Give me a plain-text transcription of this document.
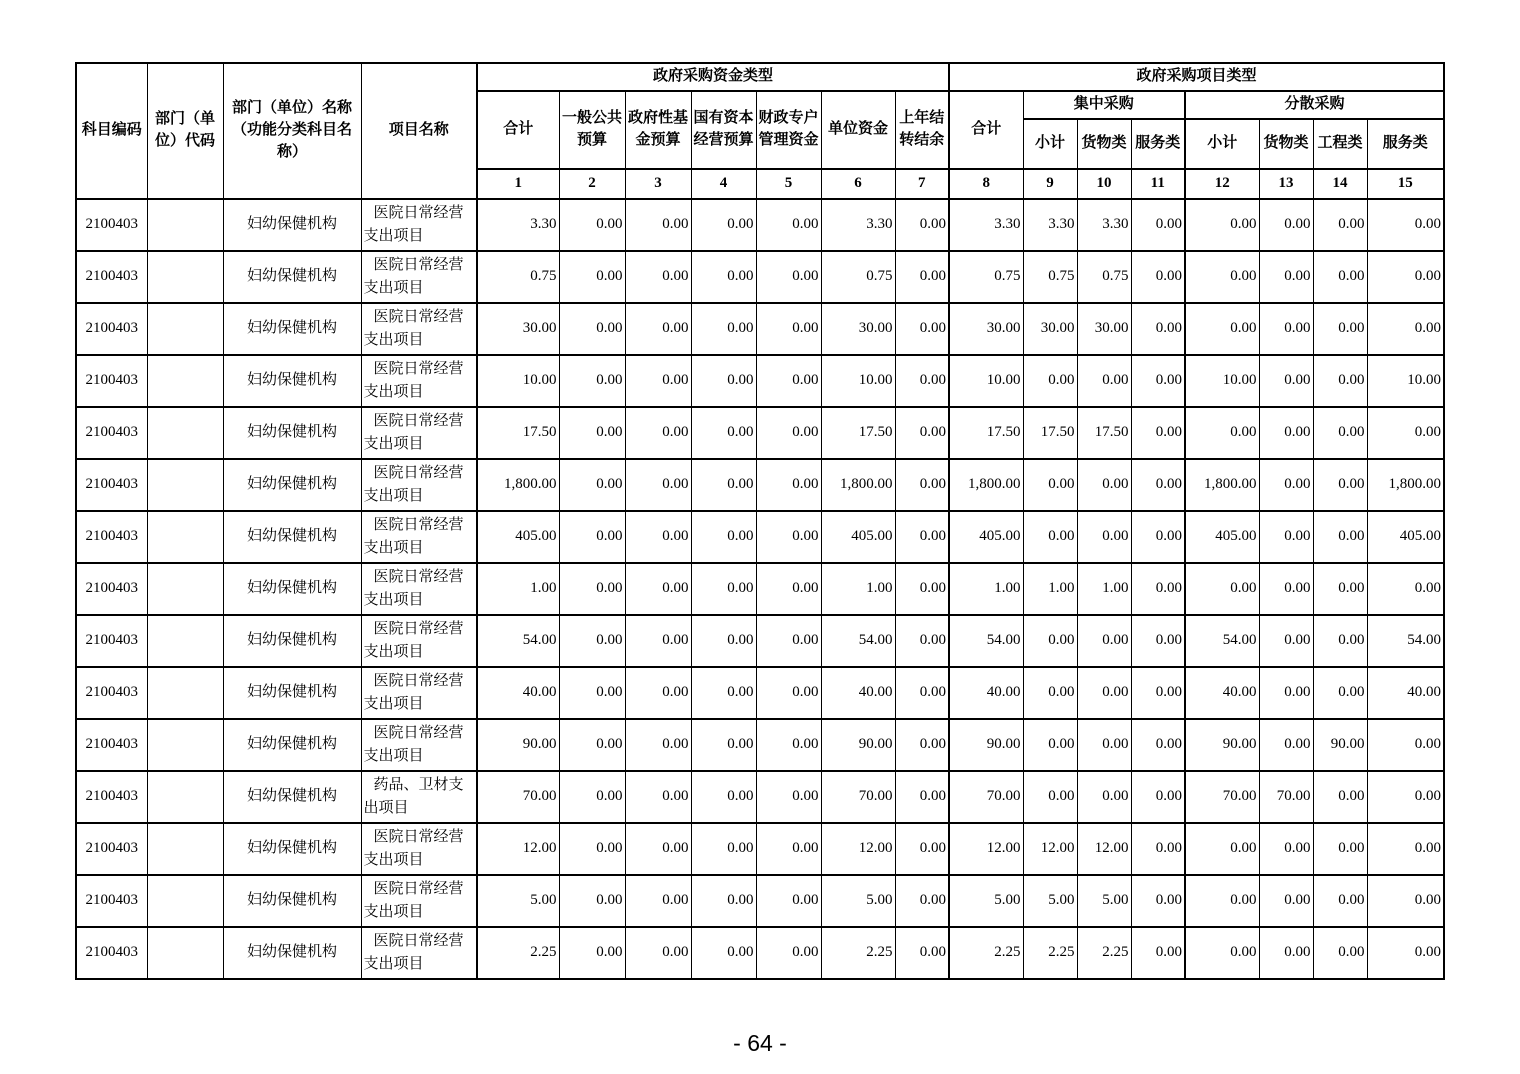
科目编码	部门（单位）代码	部门（单位）名称（功能分类科目名称）	项目名称	政府采购资金类型							政府采购项目类型							
				合计	一般公共预算	政府性基金预算	国有资本经营预算	财政专户管理资金	单位资金	上年结转结余	合计	集中采购			分散采购			
												小计	货物类	服务类	小计	货物类	工程类	服务类
				1	2	3	4	5	6	7	8	9	10	11	12	13	14	15
2100403		妇幼保健机构	医院日常经营支出项目	3.30	0.00	0.00	0.00	0.00	3.30	0.00	3.30	3.30	3.30	0.00	0.00	0.00	0.00	0.00
2100403		妇幼保健机构	医院日常经营支出项目	0.75	0.00	0.00	0.00	0.00	0.75	0.00	0.75	0.75	0.75	0.00	0.00	0.00	0.00	0.00
2100403		妇幼保健机构	医院日常经营支出项目	30.00	0.00	0.00	0.00	0.00	30.00	0.00	30.00	30.00	30.00	0.00	0.00	0.00	0.00	0.00
2100403		妇幼保健机构	医院日常经营支出项目	10.00	0.00	0.00	0.00	0.00	10.00	0.00	10.00	0.00	0.00	0.00	10.00	0.00	0.00	10.00
2100403		妇幼保健机构	医院日常经营支出项目	17.50	0.00	0.00	0.00	0.00	17.50	0.00	17.50	17.50	17.50	0.00	0.00	0.00	0.00	0.00
2100403		妇幼保健机构	医院日常经营支出项目	1,800.00	0.00	0.00	0.00	0.00	1,800.00	0.00	1,800.00	0.00	0.00	0.00	1,800.00	0.00	0.00	1,800.00
2100403		妇幼保健机构	医院日常经营支出项目	405.00	0.00	0.00	0.00	0.00	405.00	0.00	405.00	0.00	0.00	0.00	405.00	0.00	0.00	405.00
2100403		妇幼保健机构	医院日常经营支出项目	1.00	0.00	0.00	0.00	0.00	1.00	0.00	1.00	1.00	1.00	0.00	0.00	0.00	0.00	0.00
2100403		妇幼保健机构	医院日常经营支出项目	54.00	0.00	0.00	0.00	0.00	54.00	0.00	54.00	0.00	0.00	0.00	54.00	0.00	0.00	54.00
2100403		妇幼保健机构	医院日常经营支出项目	40.00	0.00	0.00	0.00	0.00	40.00	0.00	40.00	0.00	0.00	0.00	40.00	0.00	0.00	40.00
2100403		妇幼保健机构	医院日常经营支出项目	90.00	0.00	0.00	0.00	0.00	90.00	0.00	90.00	0.00	0.00	0.00	90.00	0.00	90.00	0.00
2100403		妇幼保健机构	药品、卫材支出项目	70.00	0.00	0.00	0.00	0.00	70.00	0.00	70.00	0.00	0.00	0.00	70.00	70.00	0.00	0.00
2100403		妇幼保健机构	医院日常经营支出项目	12.00	0.00	0.00	0.00	0.00	12.00	0.00	12.00	12.00	12.00	0.00	0.00	0.00	0.00	0.00
2100403		妇幼保健机构	医院日常经营支出项目	5.00	0.00	0.00	0.00	0.00	5.00	0.00	5.00	5.00	5.00	0.00	0.00	0.00	0.00	0.00
2100403		妇幼保健机构	医院日常经营支出项目	2.25	0.00	0.00	0.00	0.00	2.25	0.00	2.25	2.25	2.25	0.00	0.00	0.00	0.00	0.00
- 64 -
